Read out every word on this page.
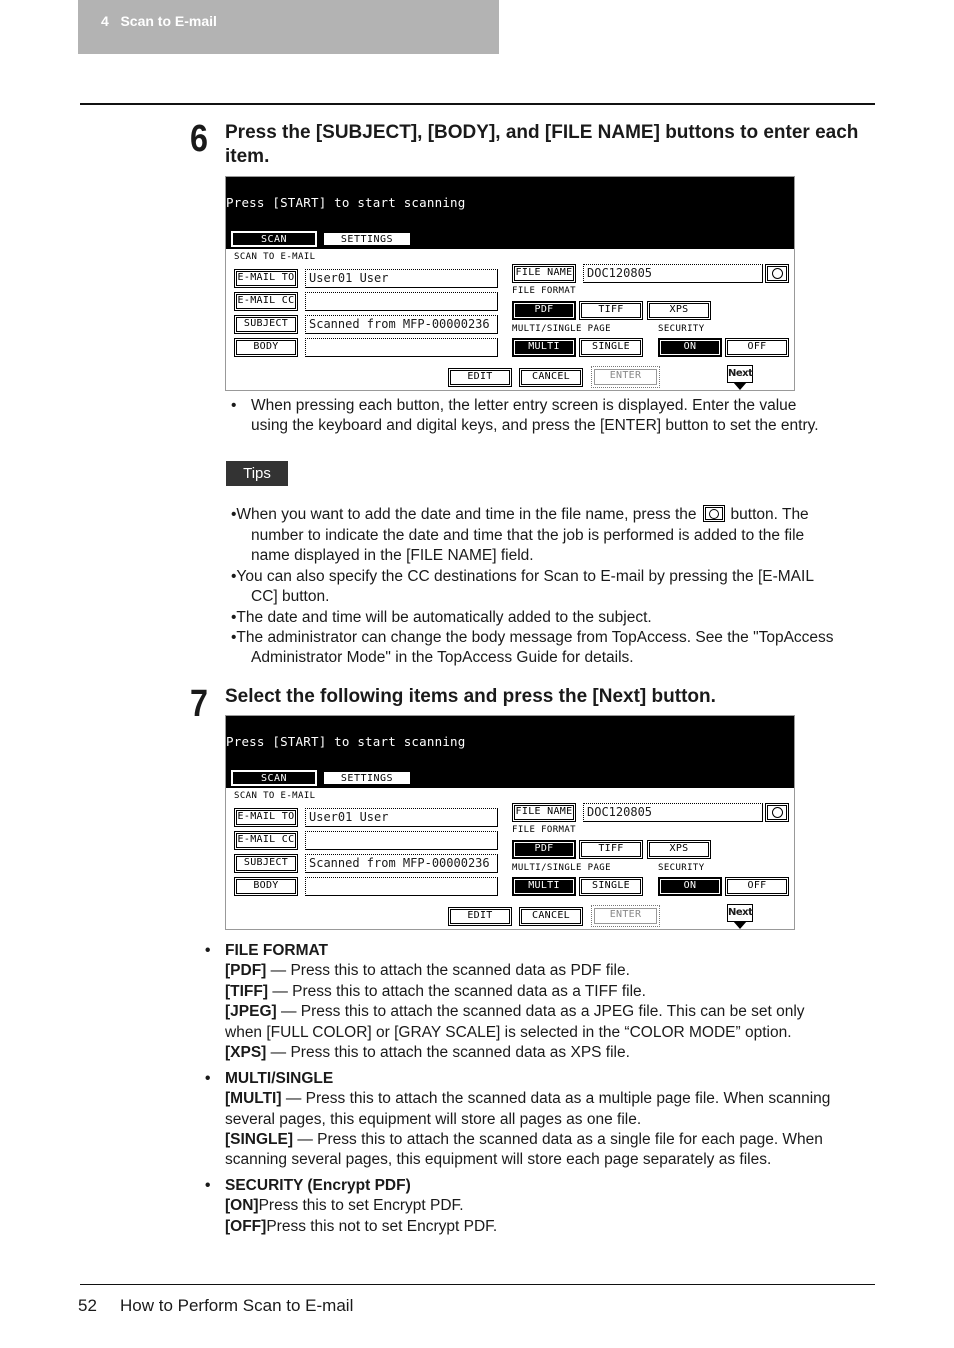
4   Scan to E-mail
6 Press the [SUBJECT], [BODY], and [FILE NAME] buttons to enter each item.
Press [START] to start scanning
SCAN	SETTINGS
SCAN TO E-MAIL
E-MAIL TO	User01 User
E-MAIL CC
SUBJECT	Scanned from MFP-00000236
BODY
FILE NAME	DOC120805
FILE FORMAT
PDF	TIFF	XPS
MULTI/SINGLE PAGE	SECURITY
MULTI	SINGLE	ON	OFF
EDIT	CANCEL	ENTER	Next
• When pressing each button, the letter entry screen is displayed. Enter the value
using the keyboard and digital keys, and press the [ENTER] button to set the entry.
Tips
•When you want to add the date and time in the file name, press the button. The
number to indicate the date and time that the job is performed is added to the file
name displayed in the [FILE NAME] field.
•You can also specify the CC destinations for Scan to E-mail by pressing the [E-MAIL
CC] button.
•The date and time will be automatically added to the subject.
•The administrator can change the body message from TopAccess. See the "TopAccess
Administrator Mode" in the TopAccess Guide for details.
7 Select the following items and press the [Next] button.
Press [START] to start scanning
SCAN	SETTINGS
SCAN TO E-MAIL
E-MAIL TO	User01 User
E-MAIL CC
SUBJECT	Scanned from MFP-00000236
BODY
FILE NAME	DOC120805
FILE FORMAT
PDF	TIFF	XPS
MULTI/SINGLE PAGE	SECURITY
MULTI	SINGLE	ON	OFF
EDIT	CANCEL	ENTER	Next
• FILE FORMAT
[PDF] — Press this to attach the scanned data as PDF file.
[TIFF] — Press this to attach the scanned data as a TIFF file.
[JPEG] — Press this to attach the scanned data as a JPEG file. This can be set only
when [FULL COLOR] or [GRAY SCALE] is selected in the “COLOR MODE” option.
[XPS] — Press this to attach the scanned data as XPS file.
• MULTI/SINGLE
[MULTI] — Press this to attach the scanned data as a multiple page file. When scanning
several pages, this equipment will store all pages as one file.
[SINGLE] — Press this to attach the scanned data as a single file for each page. When
scanning several pages, this equipment will store each page separately as files.
• SECURITY (Encrypt PDF)
[ON]Press this to set Encrypt PDF.
[OFF]Press this not to set Encrypt PDF.
52 How to Perform Scan to E-mail
